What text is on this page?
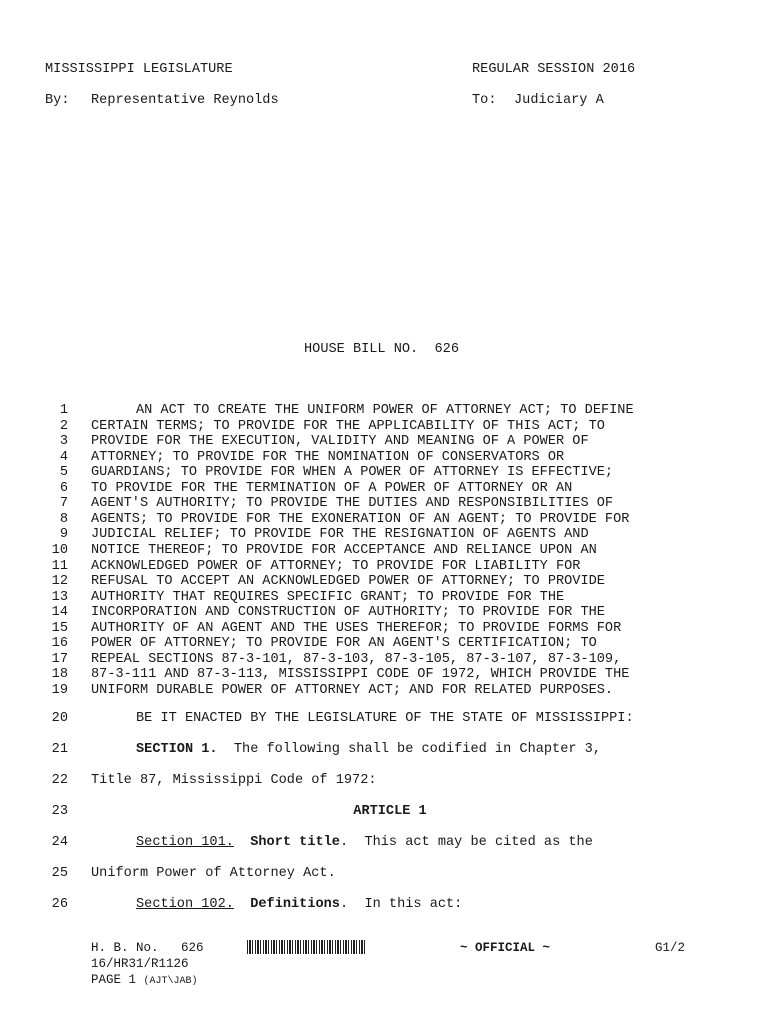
MISSISSIPPI LEGISLATURE	REGULAR SESSION 2016
By: Representative Reynolds	To: Judiciary A
HOUSE BILL NO.  626
1	AN ACT TO CREATE THE UNIFORM POWER OF ATTORNEY ACT; TO DEFINE
2 CERTAIN TERMS; TO PROVIDE FOR THE APPLICABILITY OF THIS ACT; TO
3 PROVIDE FOR THE EXECUTION, VALIDITY AND MEANING OF A POWER OF
4 ATTORNEY; TO PROVIDE FOR THE NOMINATION OF CONSERVATORS OR
5 GUARDIANS; TO PROVIDE FOR WHEN A POWER OF ATTORNEY IS EFFECTIVE;
6 TO PROVIDE FOR THE TERMINATION OF A POWER OF ATTORNEY OR AN
7 AGENT'S AUTHORITY; TO PROVIDE THE DUTIES AND RESPONSIBILITIES OF
8 AGENTS; TO PROVIDE FOR THE EXONERATION OF AN AGENT; TO PROVIDE FOR
9 JUDICIAL RELIEF; TO PROVIDE FOR THE RESIGNATION OF AGENTS AND
10 NOTICE THEREOF; TO PROVIDE FOR ACCEPTANCE AND RELIANCE UPON AN
11 ACKNOWLEDGED POWER OF ATTORNEY; TO PROVIDE FOR LIABILITY FOR
12 REFUSAL TO ACCEPT AN ACKNOWLEDGED POWER OF ATTORNEY; TO PROVIDE
13 AUTHORITY THAT REQUIRES SPECIFIC GRANT; TO PROVIDE FOR THE
14 INCORPORATION AND CONSTRUCTION OF AUTHORITY; TO PROVIDE FOR THE
15 AUTHORITY OF AN AGENT AND THE USES THEREFOR; TO PROVIDE FORMS FOR
16 POWER OF ATTORNEY; TO PROVIDE FOR AN AGENT'S CERTIFICATION; TO
17 REPEAL SECTIONS 87-3-101, 87-3-103, 87-3-105, 87-3-107, 87-3-109,
18 87-3-111 AND 87-3-113, MISSISSIPPI CODE OF 1972, WHICH PROVIDE THE
19 UNIFORM DURABLE POWER OF ATTORNEY ACT; AND FOR RELATED PURPOSES.
20	BE IT ENACTED BY THE LEGISLATURE OF THE STATE OF MISSISSIPPI:
21	SECTION 1.  The following shall be codified in Chapter 3,
22 Title 87, Mississippi Code of 1972:
23	ARTICLE 1
24	Section 101. Short title.  This act may be cited as the
25 Uniform Power of Attorney Act.
26	Section 102. Definitions.  In this act:
H. B. No.   626	~ OFFICIAL ~	G1/2
16/HR31/R1126
PAGE 1 (AJT\JAB)
